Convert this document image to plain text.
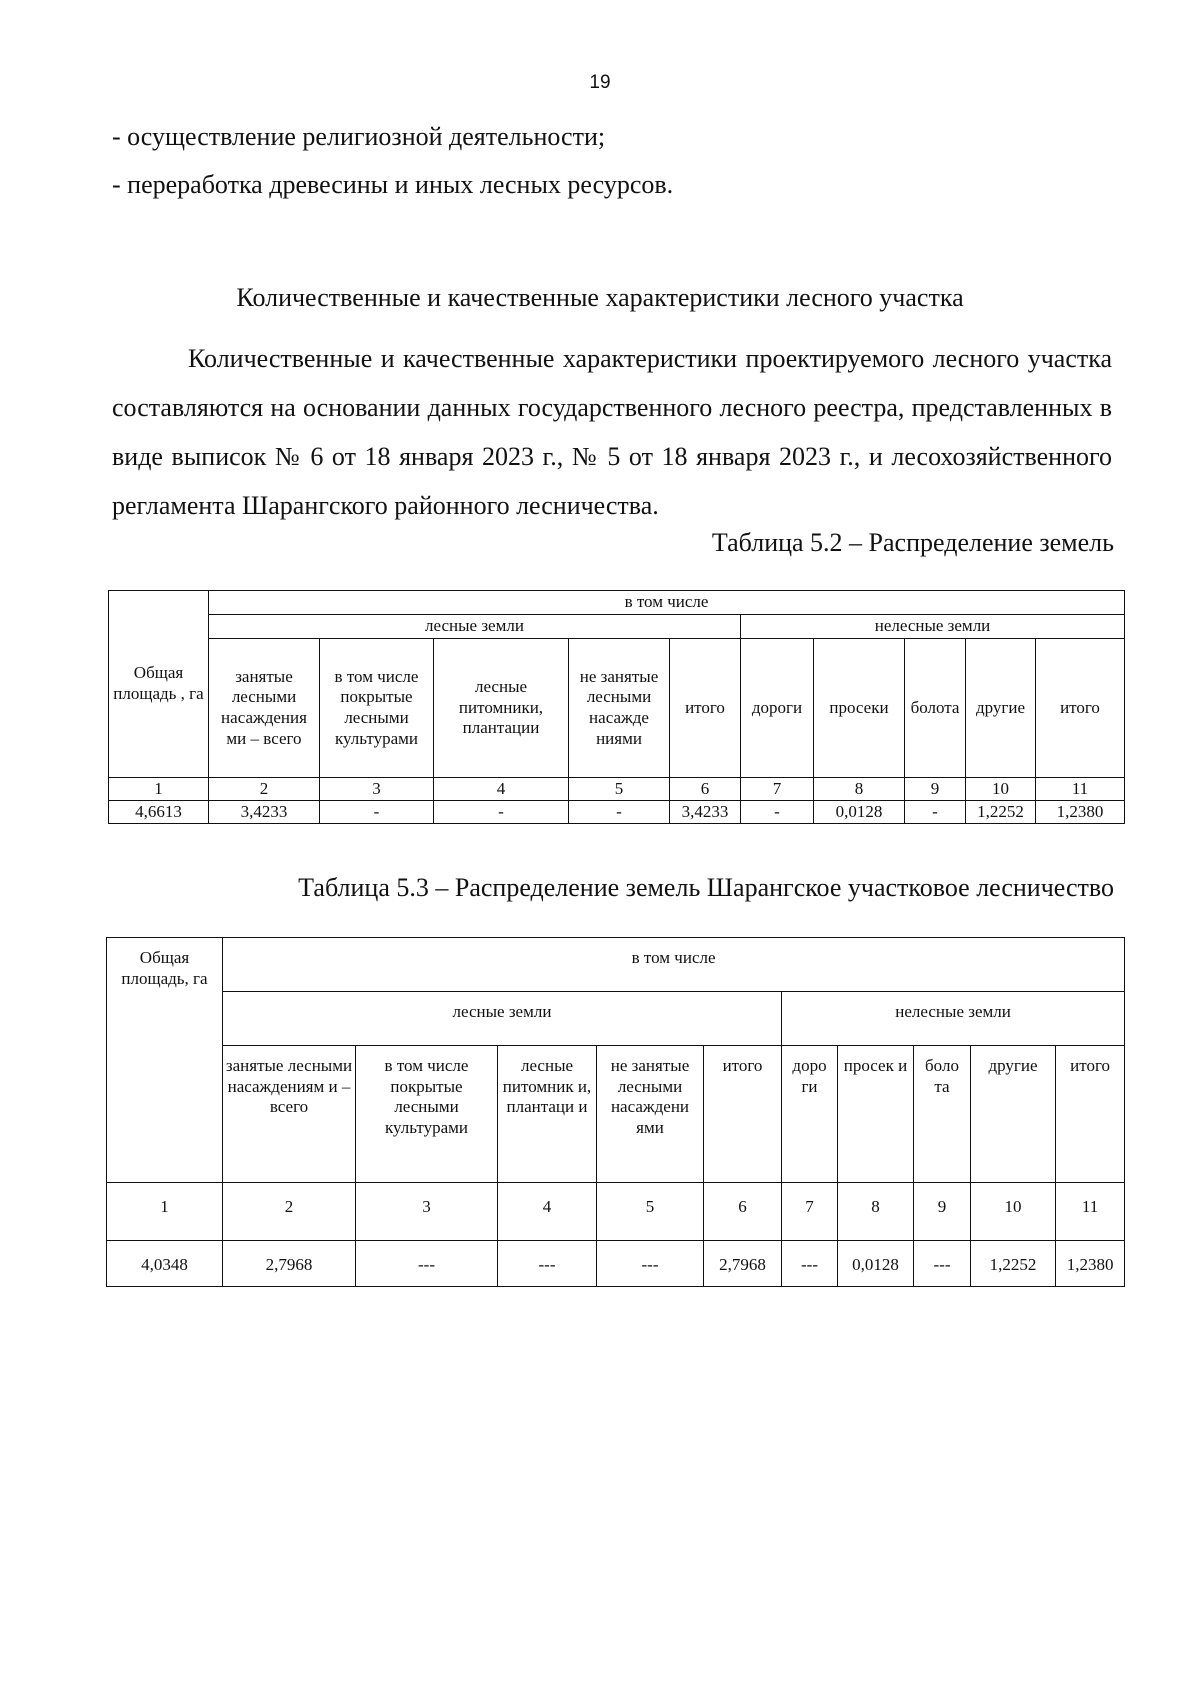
19
- осуществление религиозной деятельности;
- переработка древесины и иных лесных ресурсов.
Количественные и качественные характеристики лесного участка
Количественные и качественные характеристики проектируемого лесного участка составляются на основании данных государственного лесного реестра, представленных в виде выписок № 6 от 18 января 2023 г., № 5 от 18 января 2023 г., и лесохозяйственного регламента Шарангского районного лесничества.
Таблица 5.2 – Распределение земель
Общая площадь , га	в том числе									
	лесные земли					нелесные земли				
	занятые лесными насаждения ми – всего	в том числе покрытые лесными культурами	лесные питомники, плантации	не занятые лесными насажде ниями	итого	дороги	просеки	болота	другие	итого
1	2	3	4	5	6	7	8	9	10	11
4,6613	3,4233	-	-	-	3,4233	-	0,0128	-	1,2252	1,2380
Таблица 5.3 – Распределение земель Шарангское участковое лесничество
Общая площадь, га	в том числе									
	лесные земли					нелесные земли				
	занятые лесными насаждениям и – всего	в том числе покрытые лесными культурами	лесные питомник и, плантаци и	не занятые лесными насаждени ями	итого	доро ги	просек и	боло та	другие	итого
1	2	3	4	5	6	7	8	9	10	11
4,0348	2,7968	---	---	---	2,7968	---	0,0128	---	1,2252	1,2380
